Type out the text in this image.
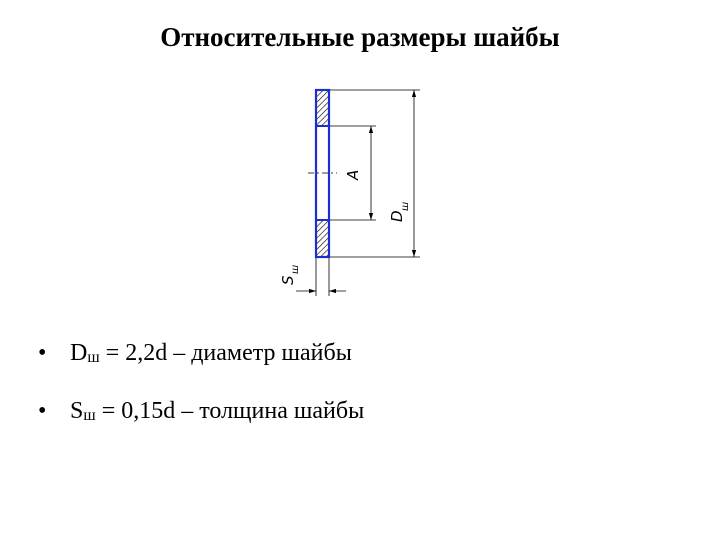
Относительные размеры шайбы
A
D
ш
S
ш
• Dш = 2,2d – диаметр шайбы
• Sш = 0,15d – толщина шайбы
